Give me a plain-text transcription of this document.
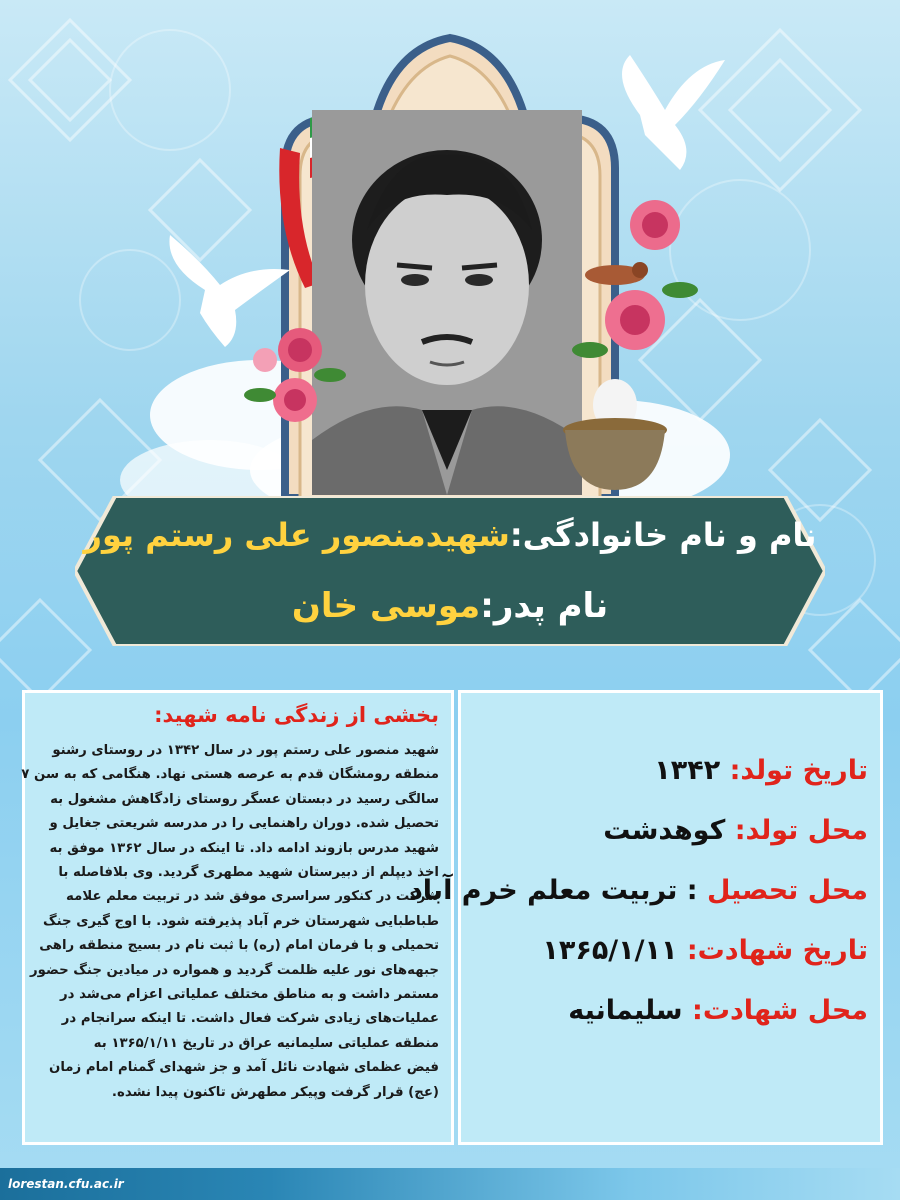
نام و نام خانوادگی:شهیدمنصور علی رستم پور
نام پدر:موسی خان
بخشی از زندگی نامه شهید:
شهید منصور علی رستم پور در سال ۱۳۴۲ در روستای رشنو
منطقه رومشگان قدم به عرصه هستی نهاد. هنگامی که به سن ۷
سالگی رسید در دبستان عسگر روستای زادگاهش مشغول به
تحصیل شده. دوران راهنمایی را در مدرسه شریعتی جغایل و
شهید مدرس بازوند ادامه داد. تا اینکه در سال ۱۳۶۲ موفق به
اخذ دیپلم از دبیرستان شهید مطهری گردید. وی بلافاصله با
شرکت در کنکور سراسری موفق شد در تربیت معلم علامه
طباطبایی شهرستان خرم آباد پذیرفته شود. با اوج گیری جنگ
تحمیلی و با فرمان امام (ره) با ثبت نام در بسیج منطقه راهی
جبهه‌های نور علیه ظلمت گردید و همواره در میادین جنگ حضور
مستمر داشت و به مناطق مختلف عملیاتی اعزام می‌شد در
عملیات‌های زیادی شرکت فعال داشت. تا اینکه سرانجام در
منطقه عملیاتی سلیمانیه عراق در تاریخ ۱۳۶۵/۱/۱۱ به
فیض عظمای شهادت نائل آمد و جز شهدای گمنام امام زمان
(عج) قرار گرفت وپیکر مطهرش تاکنون پیدا نشده.
تاریخ تولد: ۱۳۴۲
محل تولد: کوهدشت
محل تحصیل : تربیت معلم خرم آباد
تاریخ شهادت: ۱۳۶۵/۱/۱۱
محل شهادت: سلیمانیه
lorestan.cfu.ac.ir
